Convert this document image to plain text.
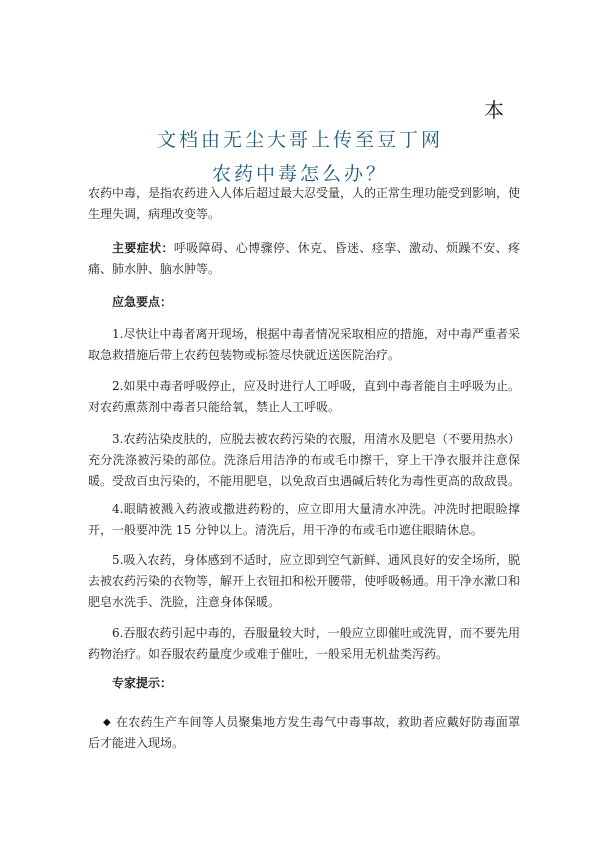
本
文档由无尘大哥上传至豆丁网
农药中毒怎么办？
农药中毒，是指农药进入人体后超过最大忍受量，人的正常生理功能受到影响，使生理失调，病理改变等。
主要症状：呼吸障碍、心博骤停、休克、昏迷、痉挛、激动、烦躁不安、疼痛、肺水肿、脑水肿等。
应急要点：
1.尽快让中毒者离开现场，根据中毒者情况采取相应的措施，对中毒严重者采取急救措施后带上农药包装物或标签尽快就近送医院治疗。
2.如果中毒者呼吸停止，应及时进行人工呼吸，直到中毒者能自主呼吸为止。对农药熏蒸剂中毒者只能给氧，禁止人工呼吸。
3.农药沾染皮肤的，应脱去被农药污染的衣服，用清水及肥皂（不要用热水）充分洗涤被污染的部位。洗涤后用洁净的布或毛巾擦干，穿上干净衣服并注意保暖。受敌百虫污染的，不能用肥皂，以免敌百虫遇碱后转化为毒性更高的敌敌畏。
4.眼睛被溅入药液或撒进药粉的，应立即用大量清水冲洗。冲洗时把眼睑撑开，一般要冲洗 15 分钟以上。清洗后，用干净的布或毛巾遮住眼睛休息。
5.吸入农药，身体感到不适时，应立即到空气新鲜、通风良好的安全场所，脱去被农药污染的衣物等，解开上衣钮扣和松开腰带，使呼吸畅通。用干净水漱口和肥皂水洗手、洗脸，注意身体保暖。
6.吞服农药引起中毒的，吞服量较大时，一般应立即催吐或洗胃，而不要先用药物治疗。如吞服农药量度少或难于催吐，一般采用无机盐类泻药。
专家提示：
◆ 在农药生产车间等人员聚集地方发生毒气中毒事故，救助者应戴好防毒面罩后才能进入现场。
